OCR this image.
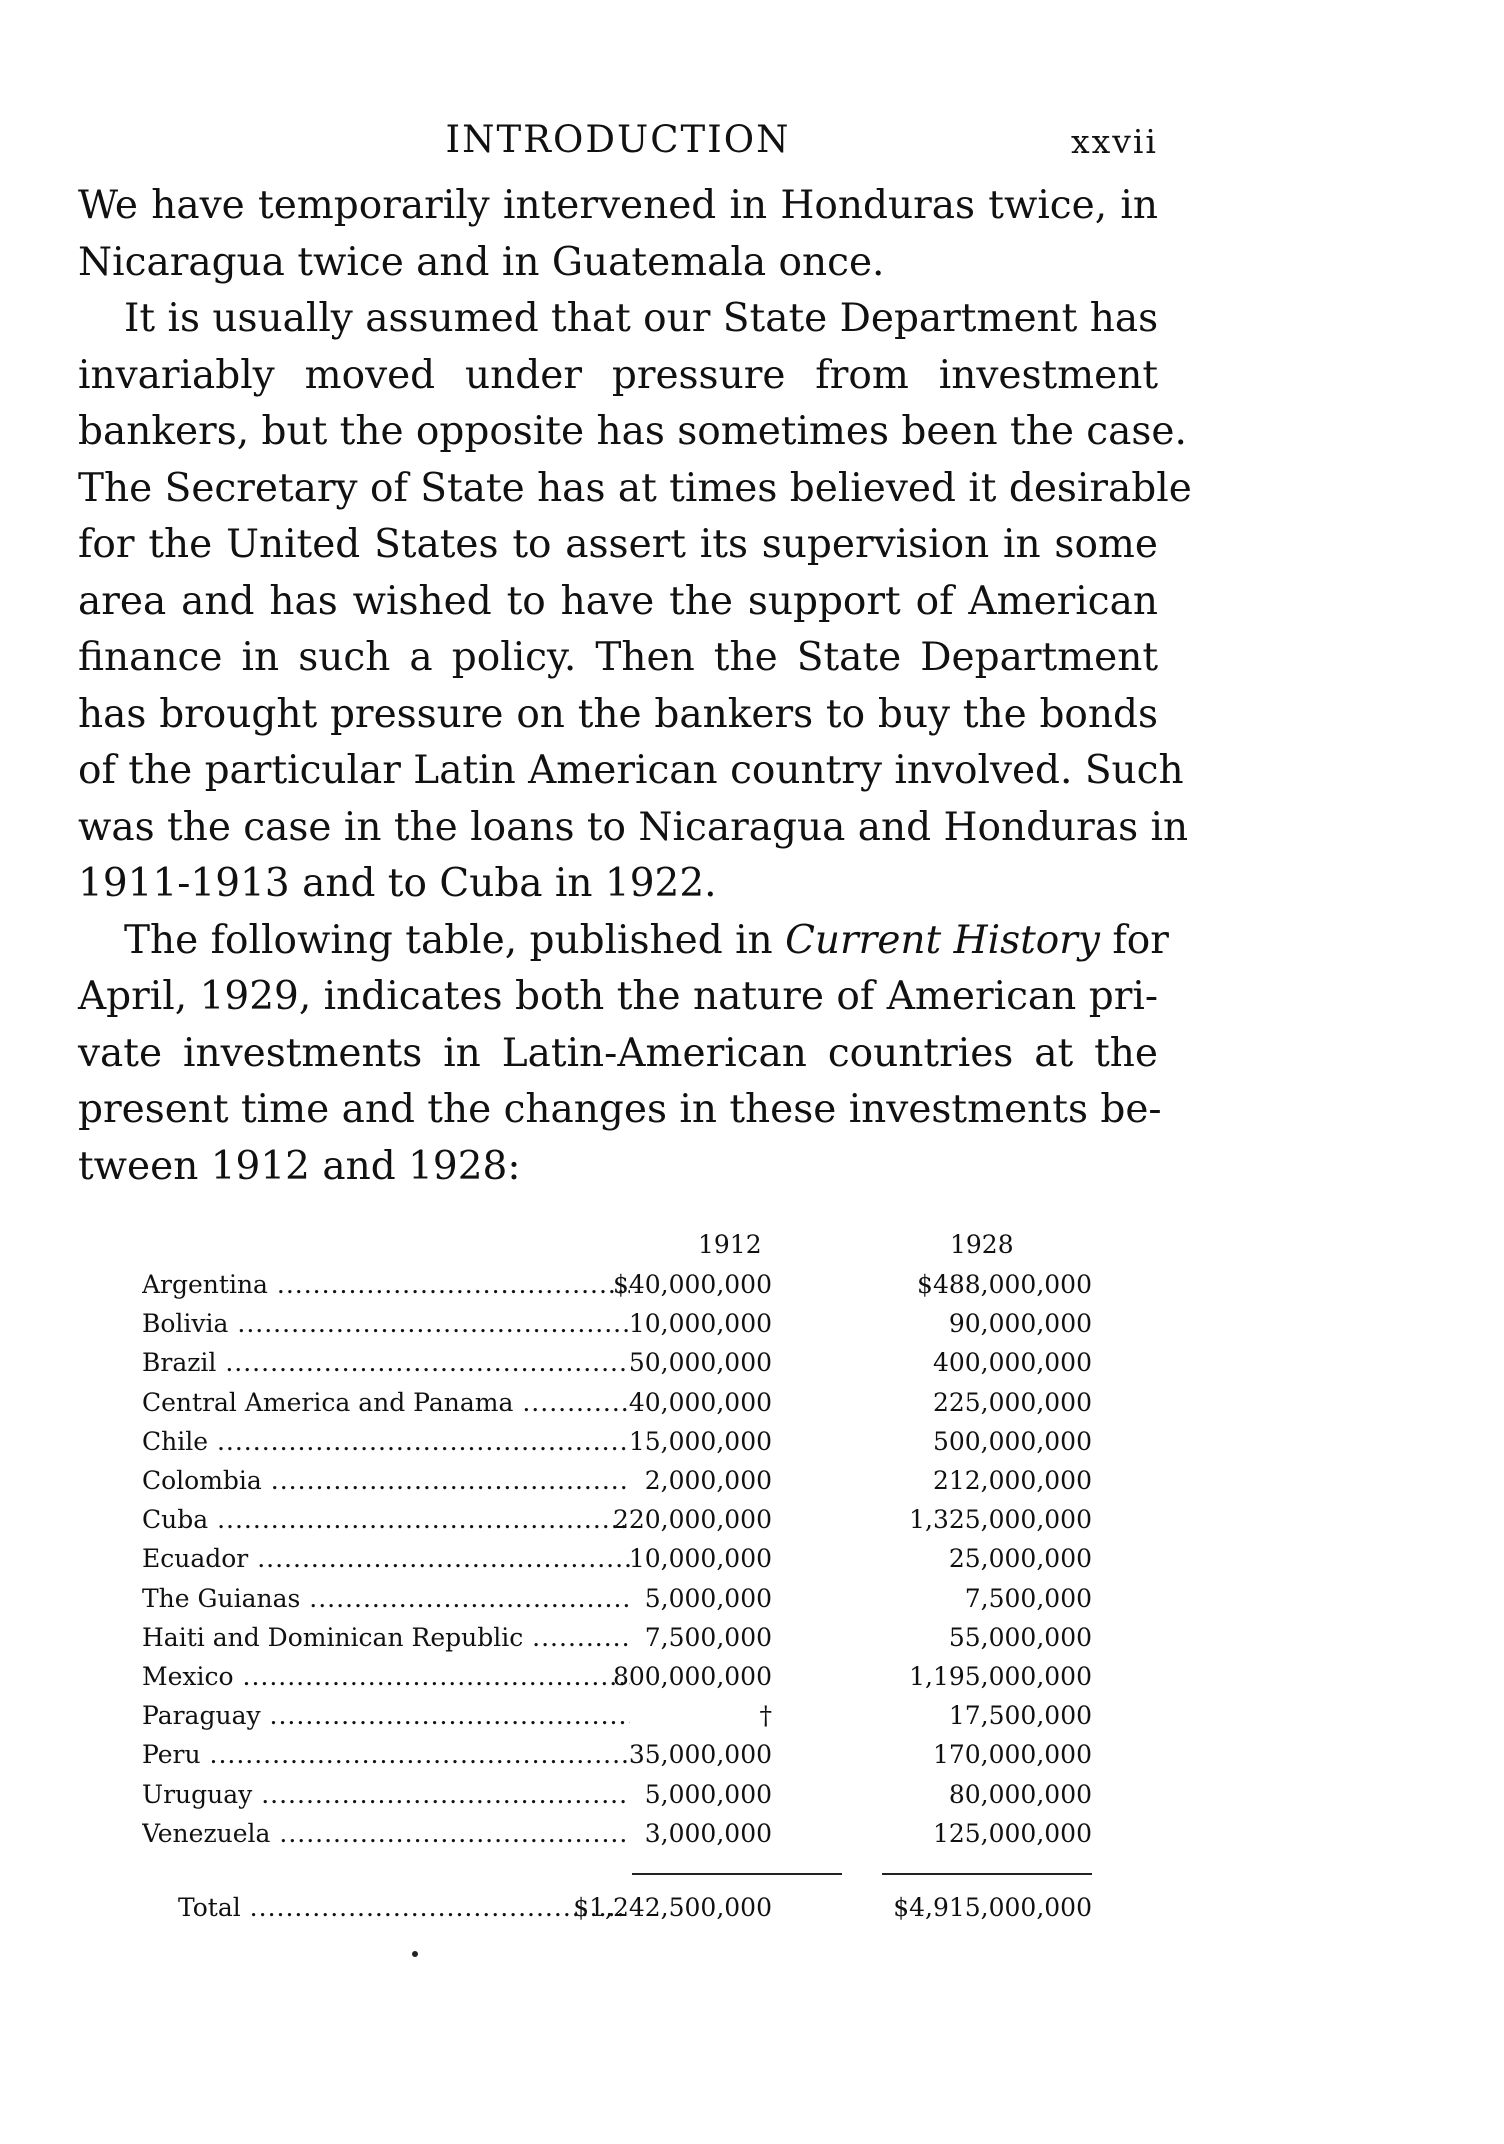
INTRODUCTION	xxvii
We have temporarily intervened in Honduras twice, in
Nicaragua twice and in Guatemala once.
It is usually assumed that our State Department has
invariably moved under pressure from investment
bankers, but the opposite has sometimes been the case.
The Secretary of State has at times believed it desirable
for the United States to assert its supervision in some
area and has wished to have the support of American
finance in such a policy. Then the State Department
has brought pressure on the bankers to buy the bonds
of the particular Latin American country involved. Such
was the case in the loans to Nicaragua and Honduras in
1911-1913 and to Cuba in 1922.
The following table, published in Current History for
April, 1929, indicates both the nature of American pri-
vate investments in Latin-American countries at the
present time and the changes in these investments be-
tween 1912 and 1928:
1912	1928
Argentina .....	$40,000,000	$488,000,000
Bolivia .....	10,000,000	90,000,000
Brazil .....	50,000,000	400,000,000
Central America and Panama .....	40,000,000	225,000,000
Chile .....	15,000,000	500,000,000
Colombia .....	2,000,000	212,000,000
Cuba .....	220,000,000	1,325,000,000
Ecuador .....	10,000,000	25,000,000
The Guianas .....	5,000,000	7,500,000
Haiti and Dominican Republic .....	7,500,000	55,000,000
Mexico .....	800,000,000	1,195,000,000
Paraguay .....	†	17,500,000
Peru .....	35,000,000	170,000,000
Uruguay .....	5,000,000	80,000,000
Venezuela .....	3,000,000	125,000,000
Total .....	$1,242,500,000	$4,915,000,000
